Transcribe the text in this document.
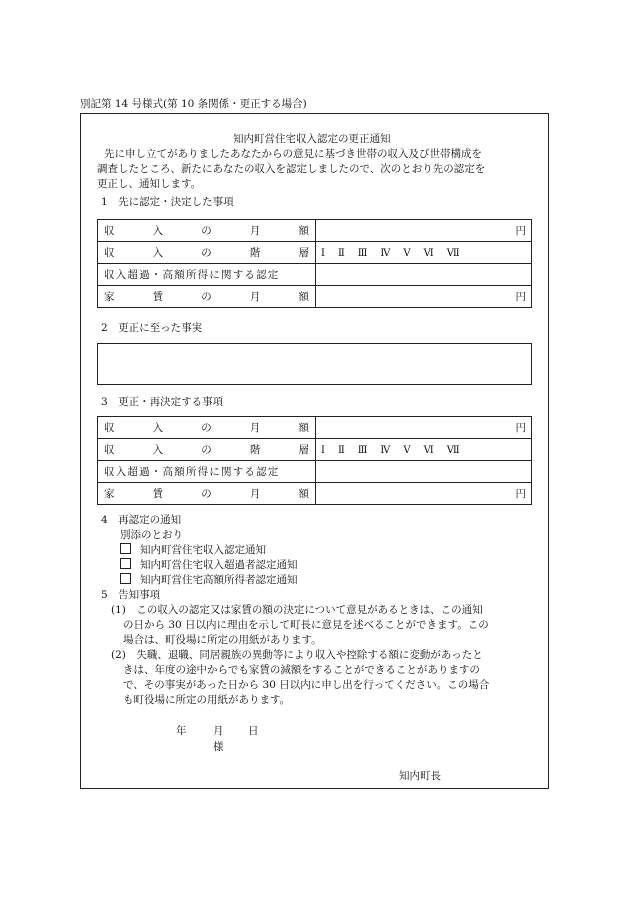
別記第 14 号様式(第 10 条関係・更正する場合)
知内町営住宅収入認定の更正通知
先に申し立てがありましたあなたからの意見に基づき世帯の収入及び世帯構成を
調査したところ、新たにあなたの収入を認定しましたので、次のとおり先の認定を
更正し、通知します。
1　先に認定・決定した事項
収 入 の 月 額	円

収 入 の 階 層	Ⅰ Ⅱ Ⅲ Ⅳ Ⅴ Ⅵ Ⅶ
収入超過・高額所得に関する認定	

家 賃 の 月 額	円
2　更正に至った事実
3　更正・再決定する事項
収 入 の 月 額	円

収 入 の 階 層	Ⅰ Ⅱ Ⅲ Ⅳ Ⅴ Ⅵ Ⅶ
収入超過・高額所得に関する認定	

家 賃 の 月 額	円
4　再認定の通知
別添のとおり
知内町営住宅収入認定通知
知内町営住宅収入超過者認定通知
知内町営住宅高額所得者認定通知
5　告知事項
(1)　この収入の認定又は家賃の額の決定について意見があるときは、この通知
の日から 30 日以内に理由を示して町長に意見を述べることができます。この
場合は、町役場に所定の用紙があります。
(2)　失職、退職、同居親族の異動等により収入や控除する額に変動があったと
きは、年度の途中からでも家賃の減額をすることができることがありますの
で、その事実があった日から 30 日以内に申し出を行ってください。この場合
も町役場に所定の用紙があります。
年	月 日
様
知内町長
